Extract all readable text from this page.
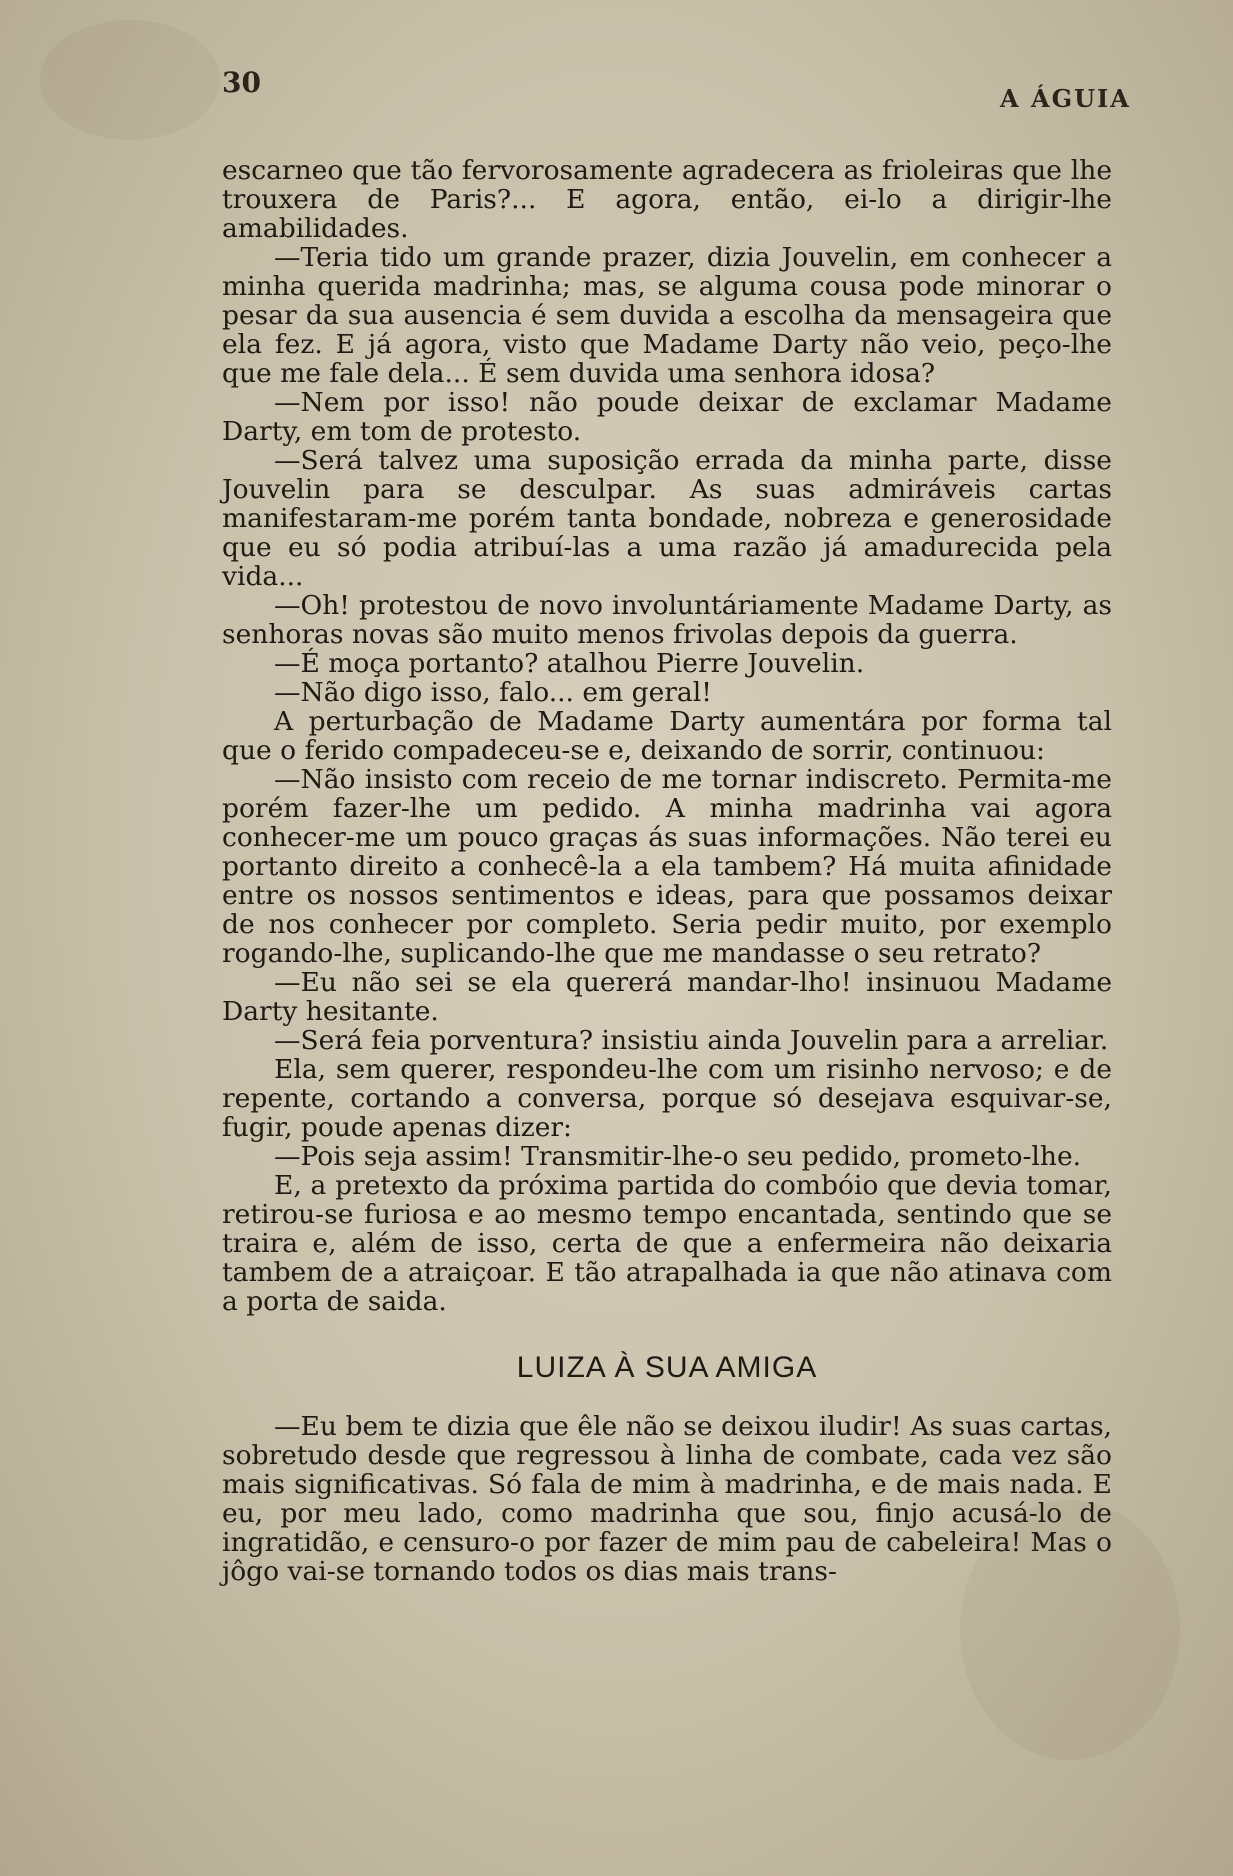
30	A ÁGUIA

escarneo que tão fervorosamente agradecera as frioleiras que lhe trouxera de Paris?... E agora, então, ei-lo a dirigir-lhe amabilidades.

—Teria tido um grande prazer, dizia Jouvelin, em conhecer a minha querida madrinha; mas, se alguma cousa pode minorar o pesar da sua ausencia é sem duvida a escolha da mensageira que ela fez. E já agora, visto que Madame Darty não veio, peço-lhe que me fale dela... É sem duvida uma senhora idosa?

—Nem por isso! não poude deixar de exclamar Madame Darty, em tom de protesto.

—Será talvez uma suposição errada da minha parte, disse Jouvelin para se desculpar. As suas admiráveis cartas manifestaram-me porém tanta bondade, nobreza e generosidade que eu só podia atribuí-las a uma razão já amadurecida pela vida...

—Oh! protestou de novo involuntáriamente Madame Darty, as senhoras novas são muito menos frivolas depois da guerra.

—É moça portanto? atalhou Pierre Jouvelin.

—Não digo isso, falo... em geral!

A perturbação de Madame Darty aumentára por forma tal que o ferido compadeceu-se e, deixando de sorrir, continuou:

—Não insisto com receio de me tornar indiscreto. Permita-me porém fazer-lhe um pedido. A minha madrinha vai agora conhecer-me um pouco graças ás suas informações. Não terei eu portanto direito a conhecê-la a ela tambem? Há muita afinidade entre os nossos sentimentos e ideas, para que possamos deixar de nos conhecer por completo. Seria pedir muito, por exemplo rogando-lhe, suplicando-lhe que me mandasse o seu retrato?

—Eu não sei se ela quererá mandar-lho! insinuou Madame Darty hesitante.

—Será feia porventura? insistiu ainda Jouvelin para a arreliar.

Ela, sem querer, respondeu-lhe com um risinho nervoso; e de repente, cortando a conversa, porque só desejava esquivar-se, fugir, poude apenas dizer:

—Pois seja assim! Transmitir-lhe-o seu pedido, prometo-lhe.

E, a pretexto da próxima partida do combóio que devia tomar, retirou-se furiosa e ao mesmo tempo encantada, sentindo que se traira e, além de isso, certa de que a enfermeira não deixaria tambem de a atraiçoar. E tão atrapalhada ia que não atinava com a porta de saida.

LUIZA À SUA AMIGA

—Eu bem te dizia que êle não se deixou iludir! As suas cartas, sobretudo desde que regressou à linha de combate, cada vez são mais significativas. Só fala de mim à madrinha, e de mais nada. E eu, por meu lado, como madrinha que sou, finjo acusá-lo de ingratidão, e censuro-o por fazer de mim pau de cabeleira! Mas o jôgo vai-se tornando todos os dias mais trans-
